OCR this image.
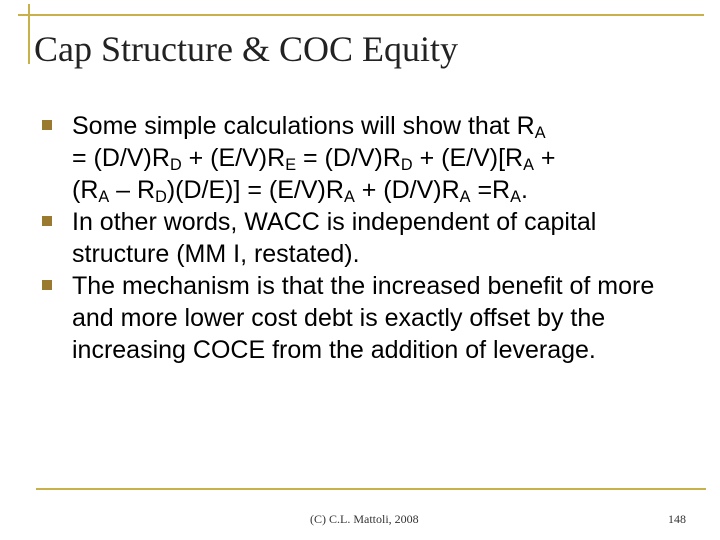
Cap Structure & COC Equity
Some simple calculations will show that $R_A$
= $(D/V)R_D + (E/V)R_E = (D/V)R_D + (E/V)[R_A$ +
$(R_A - R_D)(D/E)] = (E/V)R_A + (D/V)R_A =R_A$.
In other words, WACC is independent of capital structure (MM I, restated).
The mechanism is that the increased benefit of more and more lower cost debt is exactly offset by the increasing COCE from the addition of leverage.
(C) C.L. Mattoli, 2008	148
